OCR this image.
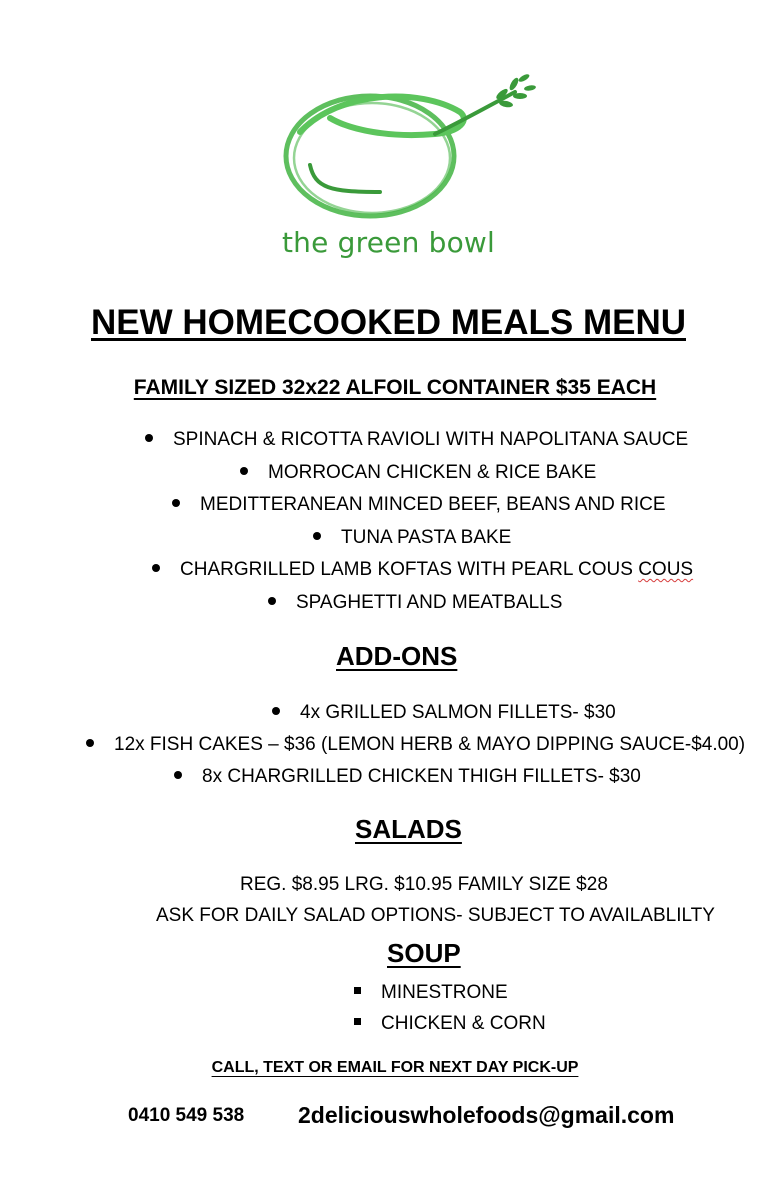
the green bowl
NEW HOMECOOKED MEALS MENU
FAMILY SIZED 32x22 ALFOIL CONTAINER $35 EACH
SPINACH & RICOTTA RAVIOLI WITH NAPOLITANA SAUCE
MORROCAN CHICKEN & RICE BAKE
MEDITTERANEAN MINCED BEEF, BEANS AND RICE
TUNA PASTA BAKE
CHARGRILLED LAMB KOFTAS WITH PEARL COUS COUS
SPAGHETTI AND MEATBALLS
ADD-ONS
4x GRILLED SALMON FILLETS- $30
12x FISH CAKES – $36 (LEMON HERB & MAYO DIPPING SAUCE-$4.00)
8x CHARGRILLED CHICKEN THIGH FILLETS- $30
SALADS
REG. $8.95 LRG. $10.95 FAMILY SIZE $28
ASK FOR DAILY SALAD OPTIONS- SUBJECT TO AVAILABLILTY
SOUP
MINESTRONE
CHICKEN & CORN
CALL, TEXT OR EMAIL FOR NEXT DAY PICK-UP
0410 549 538 2deliciouswholefoods@gmail.com
